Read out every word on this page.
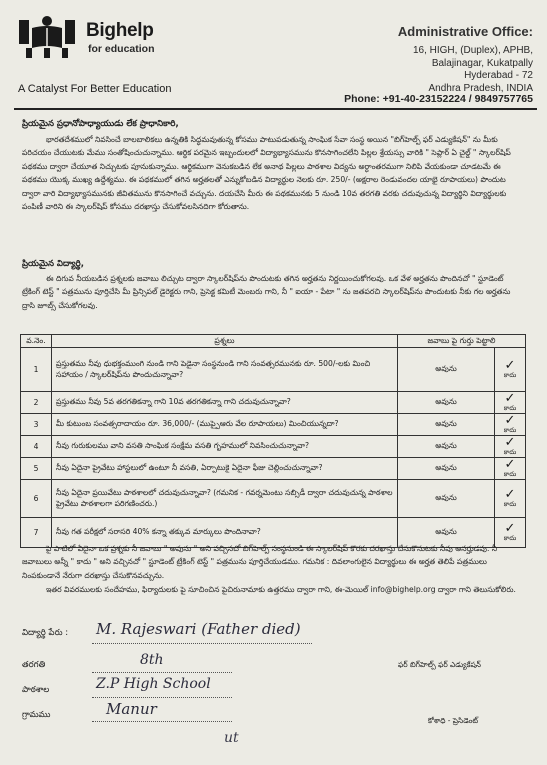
Bighelp
for education
A Catalyst For Better Education
Administrative Office:
16, HIGH, (Duplex), APHB,
Balajinagar, Kukatpally
Hyderabad - 72
Andhra Pradesh, INDIA
Phone: +91-40-23152224 / 9849757765
ప్రియమైన ప్రధానోపాధ్యాయుడు లేక ప్రాధానికారి,
భారతదేశములో నివసించే బాలబాలికలు ఉన్నతికి సిద్ధమవుతున్న కోసము పాటుపడుతున్న సాంఘిక సేవా సంస్థ అయిన "బిగ్‌హెల్ప్ ఫర్ ఎడ్యుకేషన్" ను మీకు పరిచయం చేయుటకు మేము సంతోషించుచున్నాము. ఆర్థిక పరమైన ఇబ్బందులలో విద్యాభ్యాసమును కొనసాగించలేని పిల్లల శ్రేయస్సు వారికి " సెప్లార్ ఏ చైల్డ్ " స్కాలర్‌షిప్ పథకము ద్వారా చేయూత నిచ్చుటకు పూనుకున్నాము. ఆర్థికముగా వెనుకబడిన లేక అనాథ పిల్లలు పాఠశాల విద్యను అర్ధాంతరముగా నిలిపి వేయకుండా చూడటమే ఈ పథకము యొక్క ముఖ్య ఉద్దేశ్యము. ఈ పథకములో తగిన అర్హతలతో ఎన్నుకోబడిన విద్యార్థుల నెలకు రూ. 250/- (అక్షరాల రెండువందల యాభై రూపాయలు) పొందుట ద్వారా వారి విద్యాభ్యాసమునకు జీవితమును కొనసాగించే వచ్చును. దయచేసి మీరు ఈ పథకమునకు 5 నుండి 10వ తరగతి వరకు చదువుచున్న విద్యార్థిని విద్యార్థులకు పంపిణీ వారిని ఈ స్కాలర్‌షిప్ కోసము దరఖాస్తు చేసుకోవలసినదిగా కోరుతాను.
ప్రియమైన విద్యార్థి,
ఈ దిగువ నీయబడిన ప్రశ్నలకు జవాబు లిచ్చుట ద్వారా స్కాలర్‌షిప్‌ను పొందుటకు తగిన అర్హతను నిర్ణయించుకోగలవు. ఒక వేళ అర్హతను పొందినచో " స్టూడెంట్ ట్రేకింగ్ టెస్ట్ " పత్రమును పూర్తిచేసి మీ ప్రిన్సిపల్ డైరెక్టరు గాని, ప్రెసెక్ట కమిటీ మెంబరు గాని, నీ " ఐయా - పేటా " ను జతపరచి స్కాలర్‌షిప్‌ను పొందుటకు నీకు గల అర్హతను ద్రాసి జూబ్స్ చేసుకోగలవు.
వ.నెం.	ప్రశ్నలు	జవాబు పై గుర్తు పెట్టాలి	
1	ప్రస్తుతము నీవు ధుభక్తంముంగి నుండి గాని పెడైనా సంస్థనుండి గాని సంవత్సరమునకు రూ. 500/-లకు మించి సహాయం / స్కాలర్‌షిప్‌ను పొందుచున్నావా?	అవును	✓
కాదు

2	ప్రస్తుతము నీవు 5వ తరగతికన్నా గాని 10వ తరగతికన్నా గాని చదువుచున్నావా?	అవును	✓
కాదు

3	మీ కుటుంబ సంవత్సరాదాయం రూ. 36,000/- (ముప్పైఆరు వేల రూపాయలు) మించియున్నదా?	అవును	✓
కాదు

4	నీవు గురుకులము వాని వసతి సాంఘిక సంక్షేమ వసతి గృహములో నివసించుచున్నావా?	అవును	✓
కాదు

5	నీవు ఏదైనా ప్రైవేటు హాస్టలులో ఉంటూ నీ వసతి, ఏర్పాటుకై ఏదైనా ఫీజు చెల్లించుచున్నావా?	అవును	✓
కాదు

6	నీవు ఏదైనా ప్రయివేటు పాఠశాలలో చదువుచున్నావా? (గమనిక - గవర్నమెంటు సబ్సిడీ ద్వారా చదువుచున్న పాఠశాల ప్రైవేటు పాఠశాలగా పరిగణించరు.)	అవును	✓
కాదు

7	నీవు గత పరీక్షలో సరాసరి 40% కన్నా తక్కువ మార్కులు పొందినావా?	అవును	✓
కాదు
పై పాటిలో ఏదైనా ఒక ప్రశ్నకు నీ జవాబు " అవును " అని వచ్చినచో బిగ్‌హెల్ప్ సంస్థనుండి ఈ స్కాలర్‌షిప్ కొరకు దరఖాస్తు చేసుకొనుటకు నీవు అనర్హుడవు. నీ జవాబులు అన్నీ " కాదు " అని వచ్చినచో " స్టూడెంట్ ట్రేకింగ్ టెస్ట్ " పత్రమును పూర్తిచేయుడము. గమనిక : దివలాంగులైన విద్యార్థులు ఈ అర్హత తెలిపే పత్రములు నింపకుండానే నేరుగా దరఖాస్తు చేసుకొనవచ్చును.
ఇతర వివరములకు సందేహము, ఫిర్యాదులకు పై సూచించిన పైచిరునామాకు ఉత్తరము ద్వారా గాని, ఈ-మెయిల్ info@bighelp.org ద్వారా గాని తెలుసుకోలిరు.
విద్యార్థి పేరు : M. Rajeswari (Father died)
తరగతి	8th
పాఠశాల	Z.P High School
గ్రామము	Manur
ఫర్ బిగ్‌హెల్ప్ ఫర్ ఎడ్యుకేషన్
కోశాధి - ప్రెసిడెంట్
ut
